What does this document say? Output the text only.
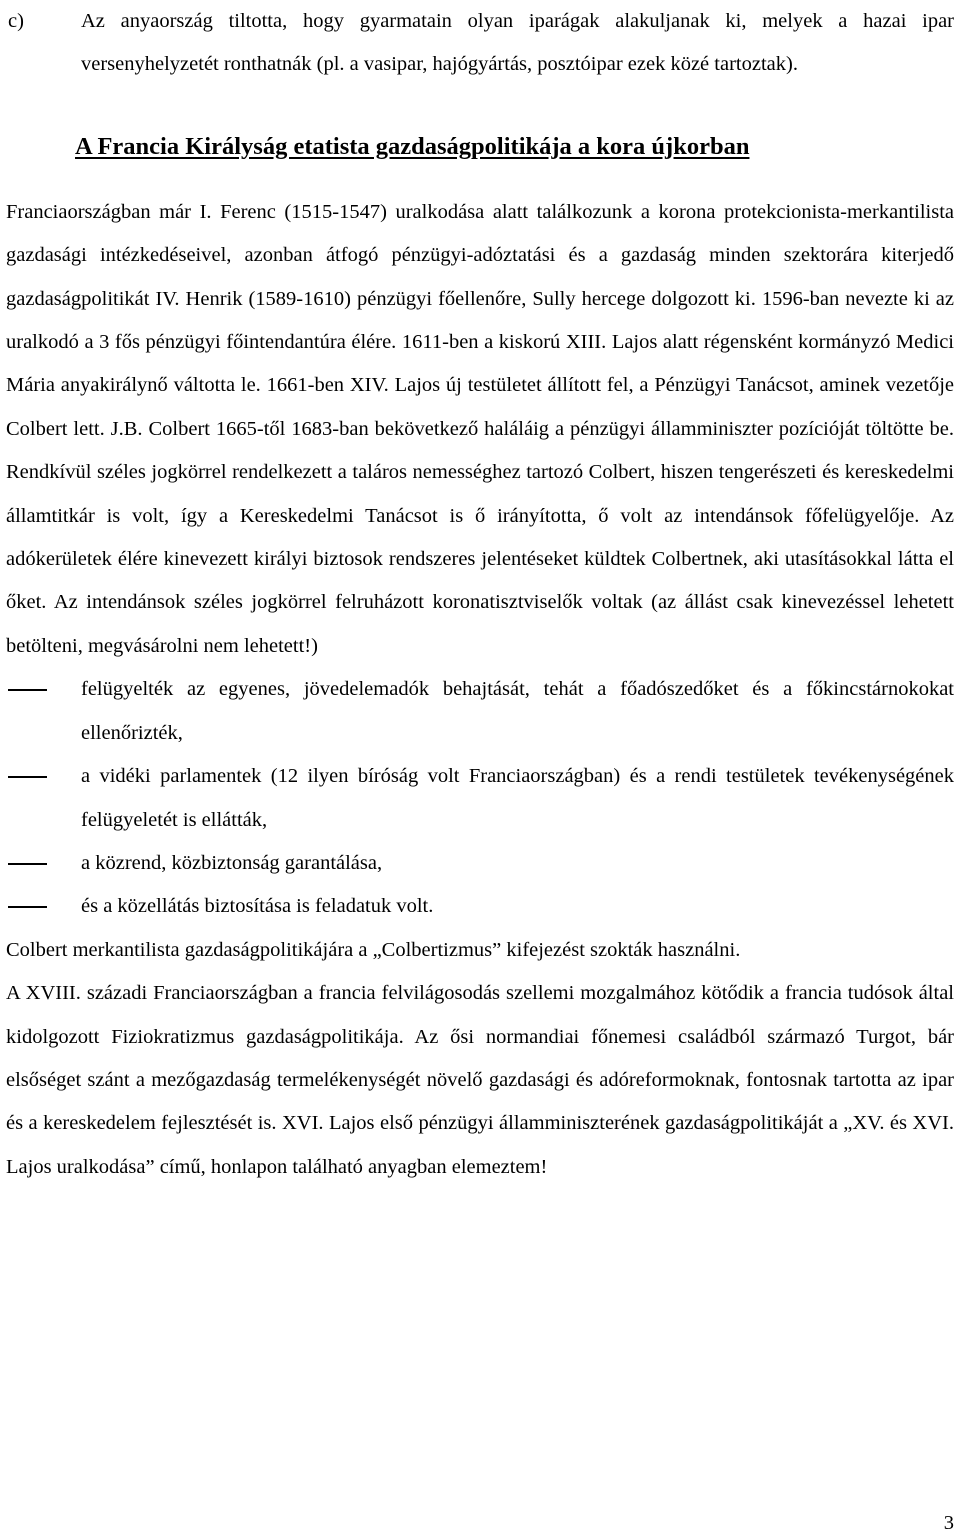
c)	Az anyaország tiltotta, hogy gyarmatain olyan iparágak alakuljanak ki, melyek a hazai ipar versenyhelyzetét ronthatnák (pl. a vasipar, hajógyártás, posztóipar ezek közé tartoztak).
A Francia Királyság etatista gazdaságpolitikája a kora újkorban
Franciaországban már I. Ferenc (1515-1547) uralkodása alatt találkozunk a korona protekcionista-merkantilista gazdasági intézkedéseivel, azonban átfogó pénzügyi-adóztatási és a gazdaság minden szektorára kiterjedő gazdaságpolitikát IV. Henrik (1589-1610) pénzügyi főellenőre, Sully hercege dolgozott ki. 1596-ban nevezte ki az uralkodó a 3 fős pénzügyi főintendantúra élére. 1611-ben a kiskorú XIII. Lajos alatt régensként kormányzó Medici Mária anyakirálynő váltotta le. 1661-ben XIV. Lajos új testületet állított fel, a Pénzügyi Tanácsot, aminek vezetője Colbert lett. J.B. Colbert 1665-től 1683-ban bekövetkező haláláig a pénzügyi államminiszter pozícióját töltötte be. Rendkívül széles jogkörrel rendelkezett a taláros nemességhez tartozó Colbert, hiszen tengerészeti és kereskedelmi államtitkár is volt, így a Kereskedelmi Tanácsot is ő irányította, ő volt az intendánsok főfelügyelője. Az adókerületek élére kinevezett királyi biztosok rendszeres jelentéseket küldtek Colbertnek, aki utasításokkal látta el őket. Az intendánsok széles jogkörrel felruházott koronatisztviselők voltak (az állást csak kinevezéssel lehetett betölteni, megvásárolni nem lehetett!)
felügyelték az egyenes, jövedelemadók behajtását, tehát a főadószedőket és a főkincstárnokokat ellenőrizték,
a vidéki parlamentek (12 ilyen bíróság volt Franciaországban) és a rendi testületek tevékenységének felügyeletét is ellátták,
a közrend, közbiztonság garantálása,
és a közellátás biztosítása is feladatuk volt.
Colbert merkantilista gazdaságpolitikájára a „Colbertizmus” kifejezést szokták használni.
A XVIII. századi Franciaországban a francia felvilágosodás szellemi mozgalmához kötődik a francia tudósok által kidolgozott Fiziokratizmus gazdaságpolitikája. Az ősi normandiai főnemesi családból származó Turgot, bár elsőséget szánt a mezőgazdaság termelékenységét növelő gazdasági és adóreformoknak, fontosnak tartotta az ipar és a kereskedelem fejlesztését is. XVI. Lajos első pénzügyi államminiszterének gazdaságpolitikáját a „XV. és XVI. Lajos uralkodása” című, honlapon található anyagban elemeztem!
3
